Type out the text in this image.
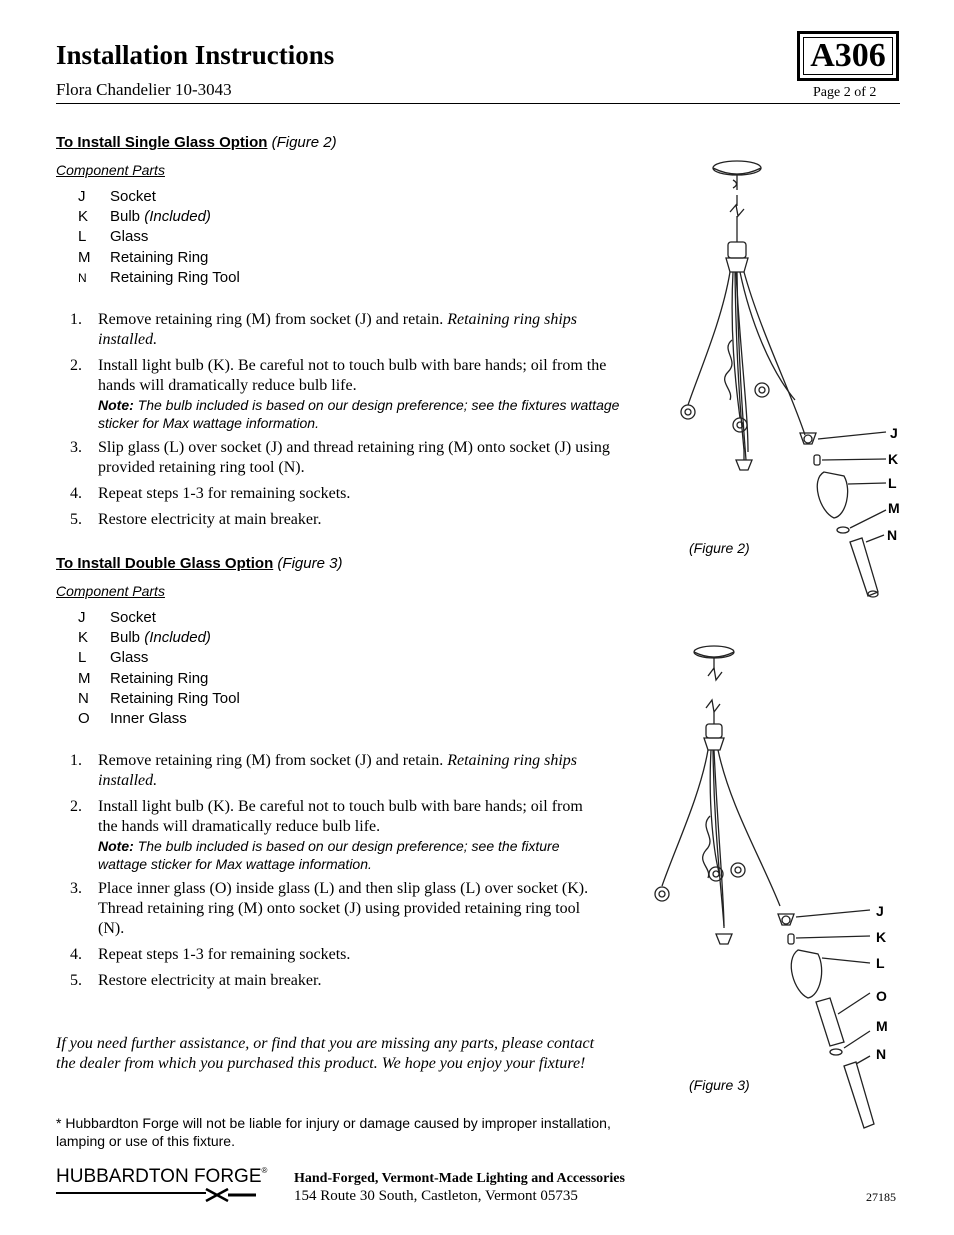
Installation Instructions
Flora Chandelier 10-3043
A306
Page 2 of 2
To Install Single Glass Option (Figure 2)
Component Parts
J	Socket
K	Bulb (Included)
L	Glass
M	Retaining Ring
N	Retaining Ring Tool
1. Remove retaining ring (M) from socket (J) and retain. Retaining ring ships installed.
2. Install light bulb (K). Be careful not to touch bulb with bare hands; oil from the hands will dramatically reduce bulb life.
Note: The bulb included is based on our design preference; see the fixtures wattage sticker for Max wattage information.
3. Slip glass (L) over socket (J) and thread retaining ring (M) onto socket (J) using provided retaining ring tool (N).
4. Repeat steps 1-3 for remaining sockets.
5. Restore electricity at main breaker.
To Install Double Glass Option (Figure 3)
Component Parts
J	Socket
K	Bulb (Included)
L	Glass
M	Retaining Ring
N	Retaining Ring Tool
O	Inner Glass
1. Remove retaining ring (M) from socket (J) and retain. Retaining ring ships installed.
2. Install light bulb (K). Be careful not to touch bulb with bare hands; oil from the hands will dramatically reduce bulb life.
Note: The bulb included is based on our design preference; see the fixture wattage sticker for Max wattage information.
3. Place inner glass (O) inside glass (L) and then slip glass (L) over socket (K). Thread retaining ring (M) onto socket (J) using provided retaining ring tool (N).
4. Repeat steps 1-3 for remaining sockets.
5. Restore electricity at main breaker.
J
K
L
M
N
(Figure 2)
J
K
L
O
M
N
(Figure 3)
If you need further assistance, or find that you are missing any parts, please contact the dealer from which you purchased this product. We hope you enjoy your fixture!
* Hubbardton Forge will not be liable for injury or damage caused by improper installation, lamping or use of this fixture.
HUBBARDTON FORGE ®
Hand-Forged, Vermont-Made Lighting and Accessories
154 Route 30 South, Castleton, Vermont 05735	27185
